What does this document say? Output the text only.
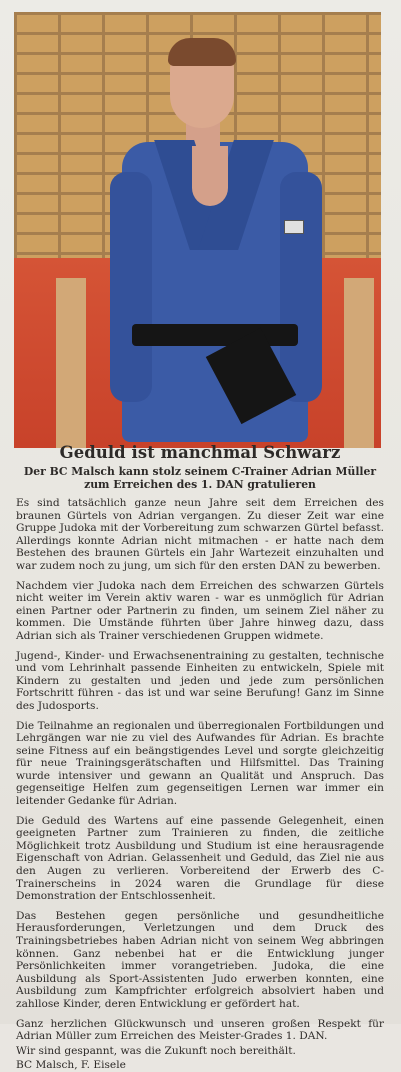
Geduld ist manchmal Schwarz
Der BC Malsch kann stolz seinem C-Trainer Adrian Müller
zum Erreichen des 1. DAN gratulieren

Es sind tatsächlich ganze neun Jahre seit dem Erreichen des braunen Gürtels von Adrian vergangen. Zu dieser Zeit war eine Gruppe Judoka mit der Vorbereitung zum schwarzen Gürtel befasst. Allerdings konnte Adrian nicht mitmachen - er hatte nach dem Bestehen des braunen Gürtels ein Jahr Wartezeit einzuhalten und war zudem noch zu jung, um sich für den ersten DAN zu bewerben.

Nachdem vier Judoka nach dem Erreichen des schwarzen Gürtels nicht weiter im Verein aktiv waren - war es unmöglich für Adrian einen Partner oder Partnerin zu finden, um seinem Ziel näher zu kommen. Die Umstände führten über Jahre hinweg dazu, dass Adrian sich als Trainer verschiedenen Gruppen widmete.

Jugend-, Kinder- und Erwachsenentraining zu gestalten, technische und vom Lehrinhalt passende Einheiten zu entwickeln, Spiele mit Kindern zu gestalten und jeden und jede zum persönlichen Fortschritt führen - das ist und war seine Berufung! Ganz im Sinne des Judosports.

Die Teilnahme an regionalen und überregionalen Fortbildungen und Lehrgängen war nie zu viel des Aufwandes für Adrian. Es brachte seine Fitness auf ein beängstigendes Level und sorgte gleichzeitig für neue Trainingsgerätschaften und Hilfsmittel. Das Training wurde intensiver und gewann an Qualität und Anspruch. Das gegenseitige Helfen zum gegenseitigen Lernen war immer ein leitender Gedanke für Adrian.

Die Geduld des Wartens auf eine passende Gelegenheit, einen geeigneten Partner zum Trainieren zu finden, die zeitliche Möglichkeit trotz Ausbildung und Studium ist eine herausragende Eigenschaft von Adrian. Gelassenheit und Geduld, das Ziel nie aus den Augen zu verlieren. Vorbereitend der Erwerb des C-Trainerscheins in 2024 waren die Grundlage für diese Demonstration der Entschlossenheit.

Das Bestehen gegen persönliche und gesundheitliche Herausforderungen, Verletzungen und dem Druck des Trainingsbetriebes haben Adrian nicht von seinem Weg abbringen können. Ganz nebenbei hat er die Entwicklung junger Persönlichkeiten immer vorangetrieben. Judoka, die eine Ausbildung als Sport-Assistenten Judo erwerben konnten, eine Ausbildung zum Kampfrichter erfolgreich absolviert haben und zahllose Kinder, deren Entwicklung er gefördert hat.

Ganz herzlichen Glückwunsch und unseren großen Respekt für Adrian Müller zum Erreichen des Meister-Grades 1. DAN.

Wir sind gespannt, was die Zukunft noch bereithält.

BC Malsch, F. Eisele
